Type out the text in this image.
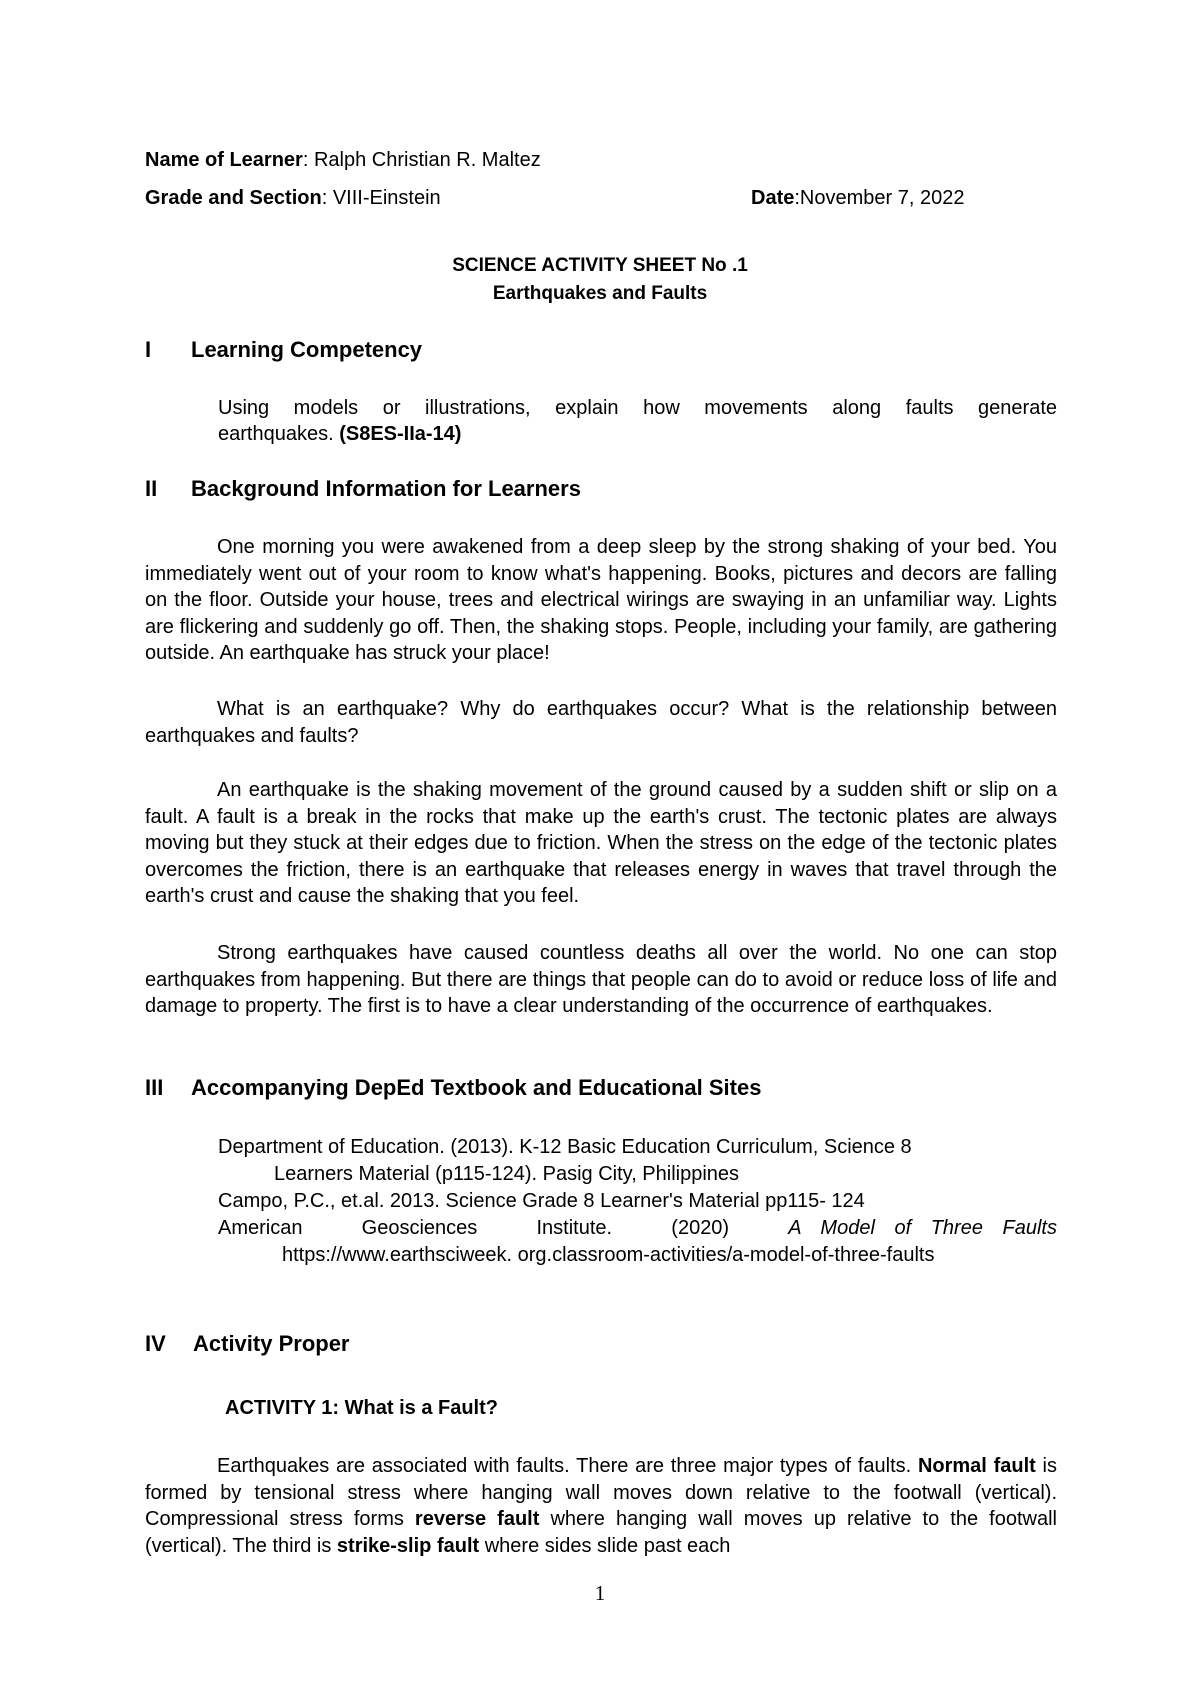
Name of Learner: Ralph Christian R. Maltez
Grade and Section: VIII-Einstein	Date:November 7, 2022
SCIENCE ACTIVITY SHEET No .1
Earthquakes and Faults
I Learning Competency
Using models or illustrations, explain how movements along faults generate
earthquakes. (S8ES-IIa-14)
II Background Information for Learners
One morning you were awakened from a deep sleep by the strong shaking of your bed. You immediately went out of your room to know what's happening. Books, pictures and decors are falling on the floor. Outside your house, trees and electrical wirings are swaying in an unfamiliar way. Lights are flickering and suddenly go off. Then, the shaking stops. People, including your family, are gathering outside. An earthquake has struck your place!
What is an earthquake? Why do earthquakes occur? What is the relationship between earthquakes and faults?
An earthquake is the shaking movement of the ground caused by a sudden shift or slip on a fault. A fault is a break in the rocks that make up the earth's crust. The tectonic plates are always moving but they stuck at their edges due to friction. When the stress on the edge of the tectonic plates overcomes the friction, there is an earthquake that releases energy in waves that travel through the earth's crust and cause the shaking that you feel.
Strong earthquakes have caused countless deaths all over the world. No one can stop earthquakes from happening. But there are things that people can do to avoid or reduce loss of life and damage to property. The first is to have a clear understanding of the occurrence of earthquakes.
III Accompanying DepEd Textbook and Educational Sites
Department of Education. (2013). K-12 Basic Education Curriculum, Science 8
Learners Material (p115-124). Pasig City, Philippines
Campo, P.C., et.al. 2013. Science Grade 8 Learner's Material pp115- 124
American	Geosciences	Institute.	(2020)	A Model of Three Faults
https://www.earthsciweek. org.classroom-activities/a-model-of-three-faults
IV Activity Proper
ACTIVITY 1: What is a Fault?
Earthquakes are associated with faults. There are three major types of faults. Normal fault is formed by tensional stress where hanging wall moves down relative to the footwall (vertical). Compressional stress forms reverse fault where hanging wall moves up relative to the footwall (vertical). The third is strike-slip fault where sides slide past each
1
